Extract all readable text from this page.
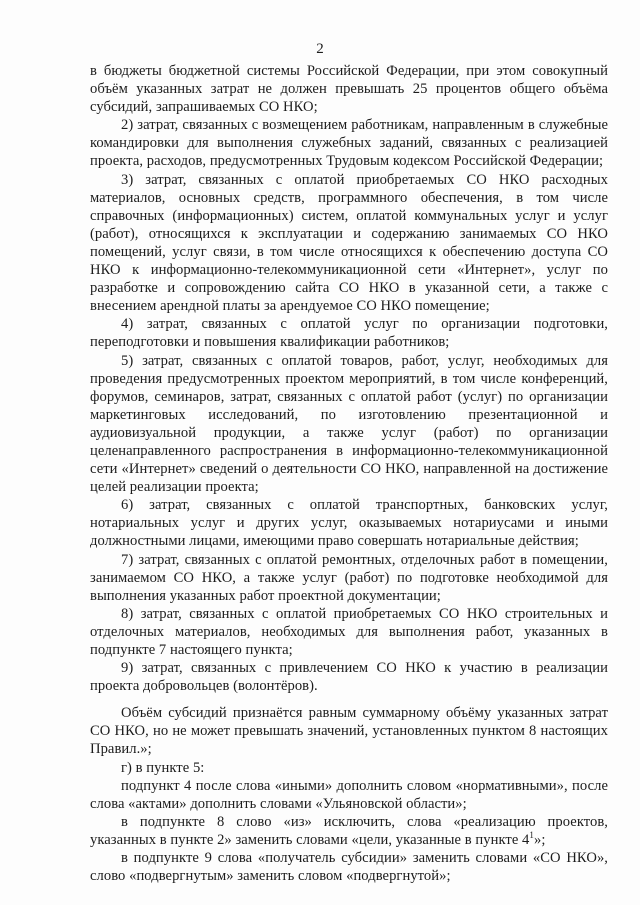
2

в бюджеты бюджетной системы Российской Федерации, при этом совокупный объём указанных затрат не должен превышать 25 процентов общего объёма субсидий, запрашиваемых СО НКО;

2) затрат, связанных с возмещением работникам, направленным в служебные командировки для выполнения служебных заданий, связанных с реализацией проекта, расходов, предусмотренных Трудовым кодексом Российской Федерации;

3) затрат, связанных с оплатой приобретаемых СО НКО расходных материалов, основных средств, программного обеспечения, в том числе справочных (информационных) систем, оплатой коммунальных услуг и услуг (работ), относящихся к эксплуатации и содержанию занимаемых СО НКО помещений, услуг связи, в том числе относящихся к обеспечению доступа СО НКО к информационно-телекоммуникационной сети «Интернет», услуг по разработке и сопровождению сайта СО НКО в указанной сети, а также с внесением арендной платы за арендуемое СО НКО помещение;

4) затрат, связанных с оплатой услуг по организации подготовки, переподготовки и повышения квалификации работников;

5) затрат, связанных с оплатой товаров, работ, услуг, необходимых для проведения предусмотренных проектом мероприятий, в том числе конференций, форумов, семинаров, затрат, связанных с оплатой работ (услуг) по организации маркетинговых исследований, по изготовлению презентационной и аудиовизуальной продукции, а также услуг (работ) по организации целенаправленного распространения в информационно-телекоммуникационной сети «Интернет» сведений о деятельности СО НКО, направленной на достижение целей реализации проекта;

6) затрат, связанных с оплатой транспортных, банковских услуг, нотариальных услуг и других услуг, оказываемых нотариусами и иными должностными лицами, имеющими право совершать нотариальные действия;

7) затрат, связанных с оплатой ремонтных, отделочных работ в помещении, занимаемом СО НКО, а также услуг (работ) по подготовке необходимой для выполнения указанных работ проектной документации;

8) затрат, связанных с оплатой приобретаемых СО НКО строительных и отделочных материалов, необходимых для выполнения работ, указанных в подпункте 7 настоящего пункта;

9) затрат, связанных с привлечением СО НКО к участию в реализации проекта добровольцев (волонтёров).

Объём субсидий признаётся равным суммарному объёму указанных затрат СО НКО, но не может превышать значений, установленных пунктом 8 настоящих Правил.»;

г) в пункте 5:

подпункт 4 после слова «иными» дополнить словом «нормативными», после слова «актами» дополнить словами «Ульяновской области»;

в подпункте 8 слово «из» исключить, слова «реализацию проектов, указанных в пункте 2» заменить словами «цели, указанные в пункте 4$^1$»;

в подпункте 9 слова «получатель субсидии» заменить словами «СО НКО», слово «подвергнутым» заменить словом «подвергнутой»;
